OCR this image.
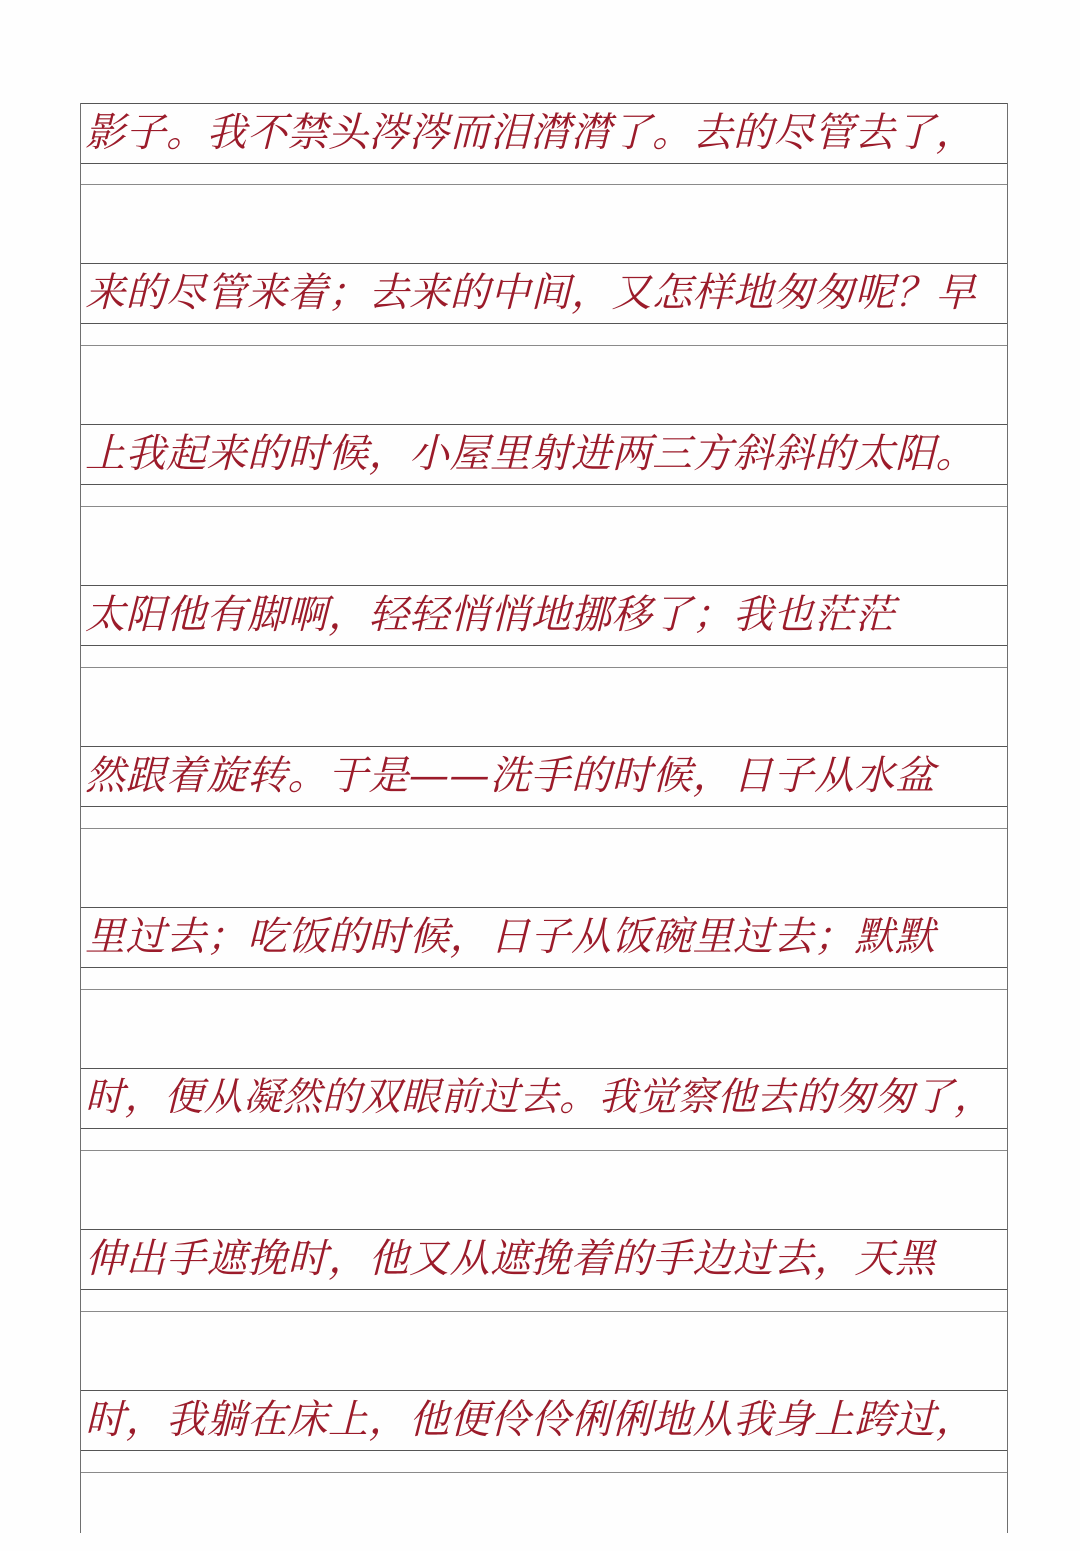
影子。我不禁头涔涔而泪潸潸了。去的尽管去了，
来的尽管来着；去来的中间，又怎样地匆匆呢？早
上我起来的时候，小屋里射进两三方斜斜的太阳。
太阳他有脚啊，轻轻悄悄地挪移了；我也茫茫
然跟着旋转。于是——洗手的时候，日子从水盆
里过去；吃饭的时候，日子从饭碗里过去；默默
时，便从凝然的双眼前过去。我觉察他去的匆匆了，
伸出手遮挽时，他又从遮挽着的手边过去，天黑
时，我躺在床上，他便伶伶俐俐地从我身上跨过，
